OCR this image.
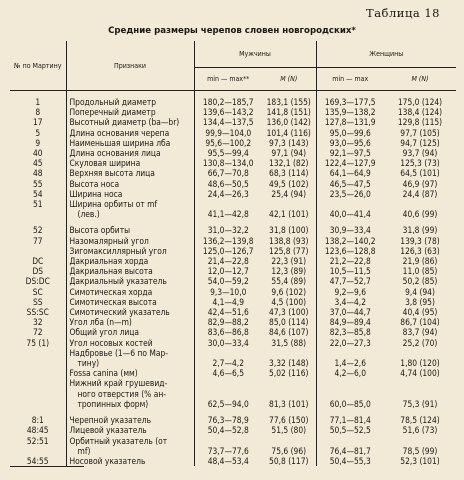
Таблица 18
Средние размеры черепов словен новгородских*
№ по Мартину	Признаки	Мужчины		Женщины	
		min — max**	M (N)	min — max	M (N)

1	Продольный диаметр	180,2—185,7	183,1 (155)	169,3—177,5	175,0 (124)
8	Поперечный диаметр	139,6—143,2	141,8 (151)	135,9—138,2	138,4 (124)
17	Высотный диаметр (ba—br)	134,4—137,5	136,0 (142)	127,8—131,9	129,8 (115)
5	Длина основания черепа	99,9—104,0	101,4 (116)	95,0—99,6	97,7 (105)
9	Наименьшая ширина лба	95,6—100,2	97,3 (143)	93,0—95,6	94,7 (125)
40	Длина основания лица	95,5—99,4	97,1 (94)	92,1—97,5	93,7 (94)
45	Скуловая ширина	130,8—134,0	132,1 (82)	122,4—127,9	125,3 (73)
48	Верхняя высота лица	66,7—70,8	68,3 (114)	64,1—64,9	64,5 (101)
55	Высота носа	48,6—50,5	49,5 (102)	46,5—47,5	46,9 (97)
54	Ширина носа	24,4—26,3	25,4 (94)	23,5—26,0	24,4 (87)
51	Ширина орбиты от mf
(лев.)	41,1—42,8	42,1 (101)	40,0—41,4	40,6 (99)

52	Высота орбиты	31,0—32,2	31,8 (100)	30,9—33,4	31,8 (99)
77	Назомалярный угол	136,2—139,8	138,8 (93)	138,2—140,2	139,3 (78)

	Зигомаксиллярный угол	125,0—126,7	125,8 (77)	123,6—128,8	126,3 (63)
DC	Дакриальная хорда	21,4—22,8	22,3 (91)	21,2—22,8	21,9 (86)
DS	Дакриальная высота	12,0—12,7	12,3 (89)	10,5—11,5	11,0 (85)
DS:DC	Дакриальный указатель	54,0—59,2	55,4 (89)	47,7—52,7	50,2 (85)
SC	Симотическая хорда	9,3—10,0	9,6 (102)	9,2—9,6	9,4 (94)
SS	Симотическая высота	4,1—4,9	4,5 (100)	3,4—4,2	3,8 (95)
SS:SC	Симотический указатель	42,4—51,6	47,3 (100)	37,0—44,7	40,4 (95)
32	Угол лба (n—m)	82,9—88,2	85,0 (114)	84,9—89,4	86,7 (104)
72	Общий угол лица	83,6—86,8	84,6 (107)	82,3—85,8	83,7 (94)
75 (1)	Угол носовых костей	30,0—33,4	31,5 (88)	22,0—27,3	25,2 (70)

	Надбровье (1—6 по Мар-
тину)	2,7—4,2	3,32 (148)	1,4—2,6	1,80 (120)

	Fossa canina (мм)	4,6—6,5	5,02 (116)	4,2—6,0	4,74 (100)

	Нижний край грушевид-
ного отверстия (% ан-
тропинных форм)	62,5—94,0	81,3 (101)	60,0—85,0	75,3 (91)

8:1	Черепной указатель	76,3—78,9	77,6 (150)	77,1—81,4	78,5 (124)
48:45	Лицевой указатель	50,4—52,8	51,5 (80)	50,5—52,5	51,6 (73)
52:51	Орбитный указатель (от
mf)	73,7—77,6	75,6 (96)	76,4—81,7	78,5 (99)
54:55	Носовой указатель	48,4—53,4	50,8 (117)	50,4—55,3	52,3 (101)
